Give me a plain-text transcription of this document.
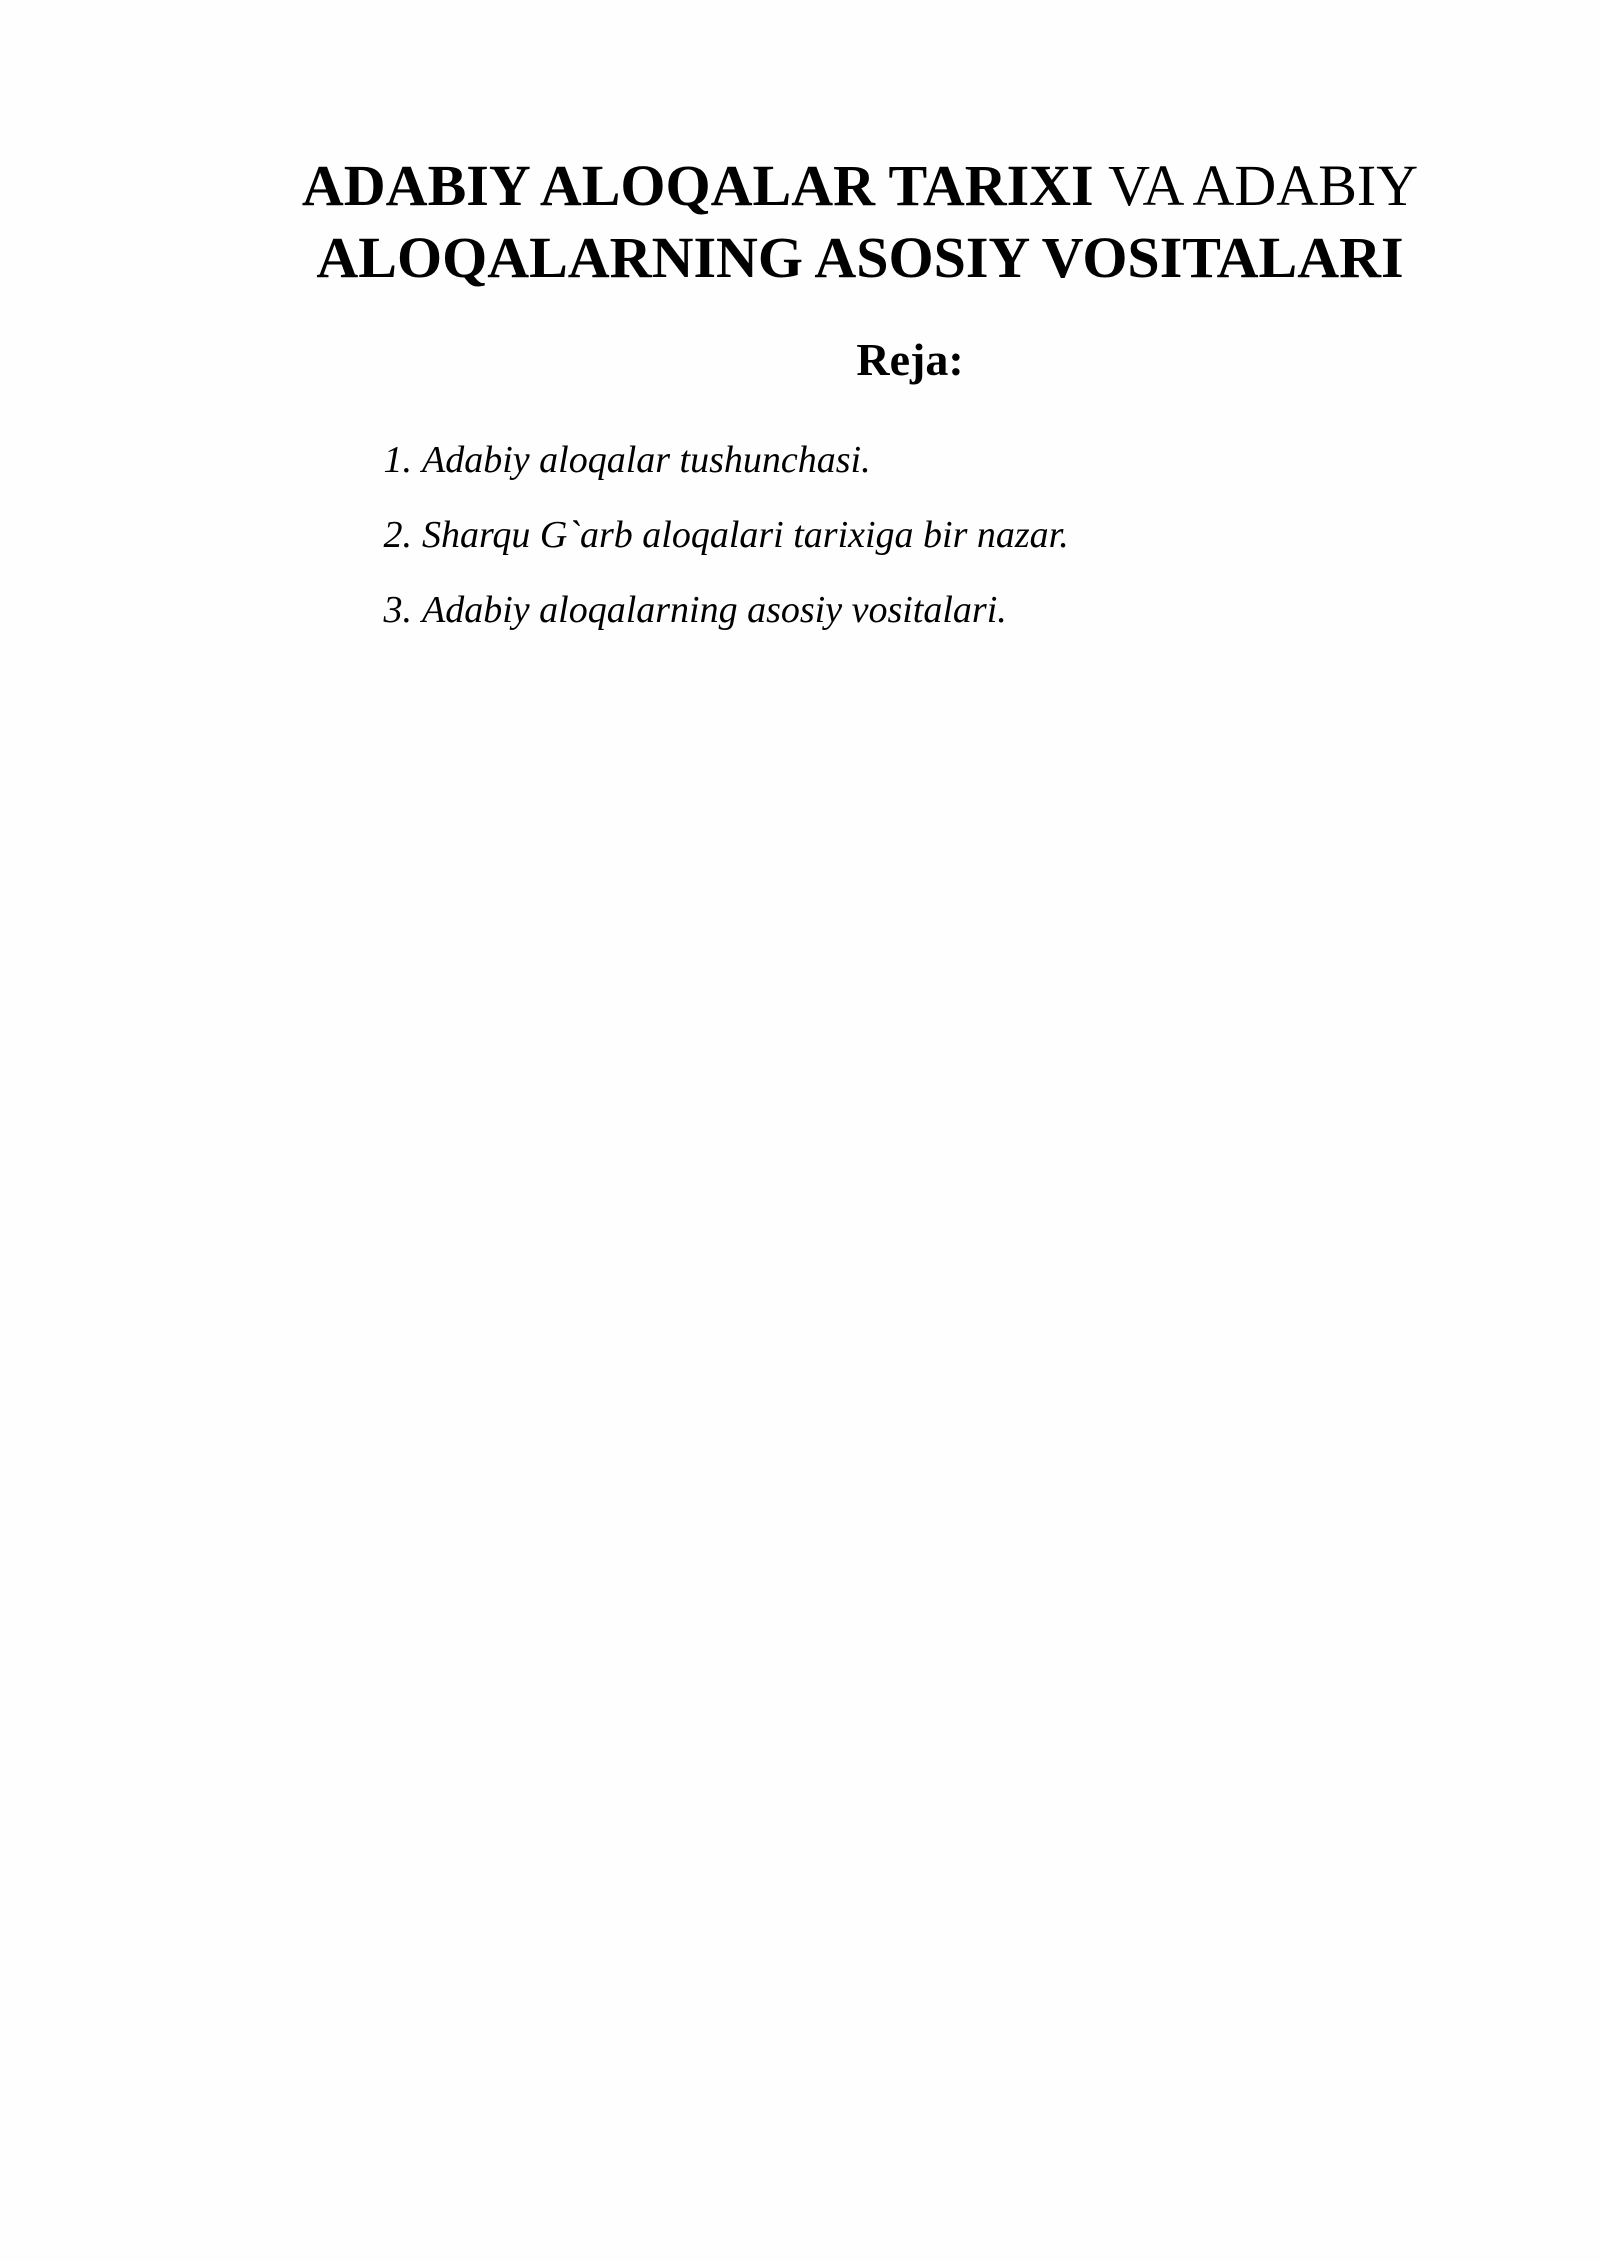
ADABIY ALOQALAR TARIXI VA ADABIY
ALOQALARNING ASOSIY VOSITALARI
Reja:
1. Adabiy aloqalar tushunchasi.
2. Sharqu G`arb aloqalari tarixiga bir nazar.
3. Adabiy aloqalarning asosiy vositalari.
